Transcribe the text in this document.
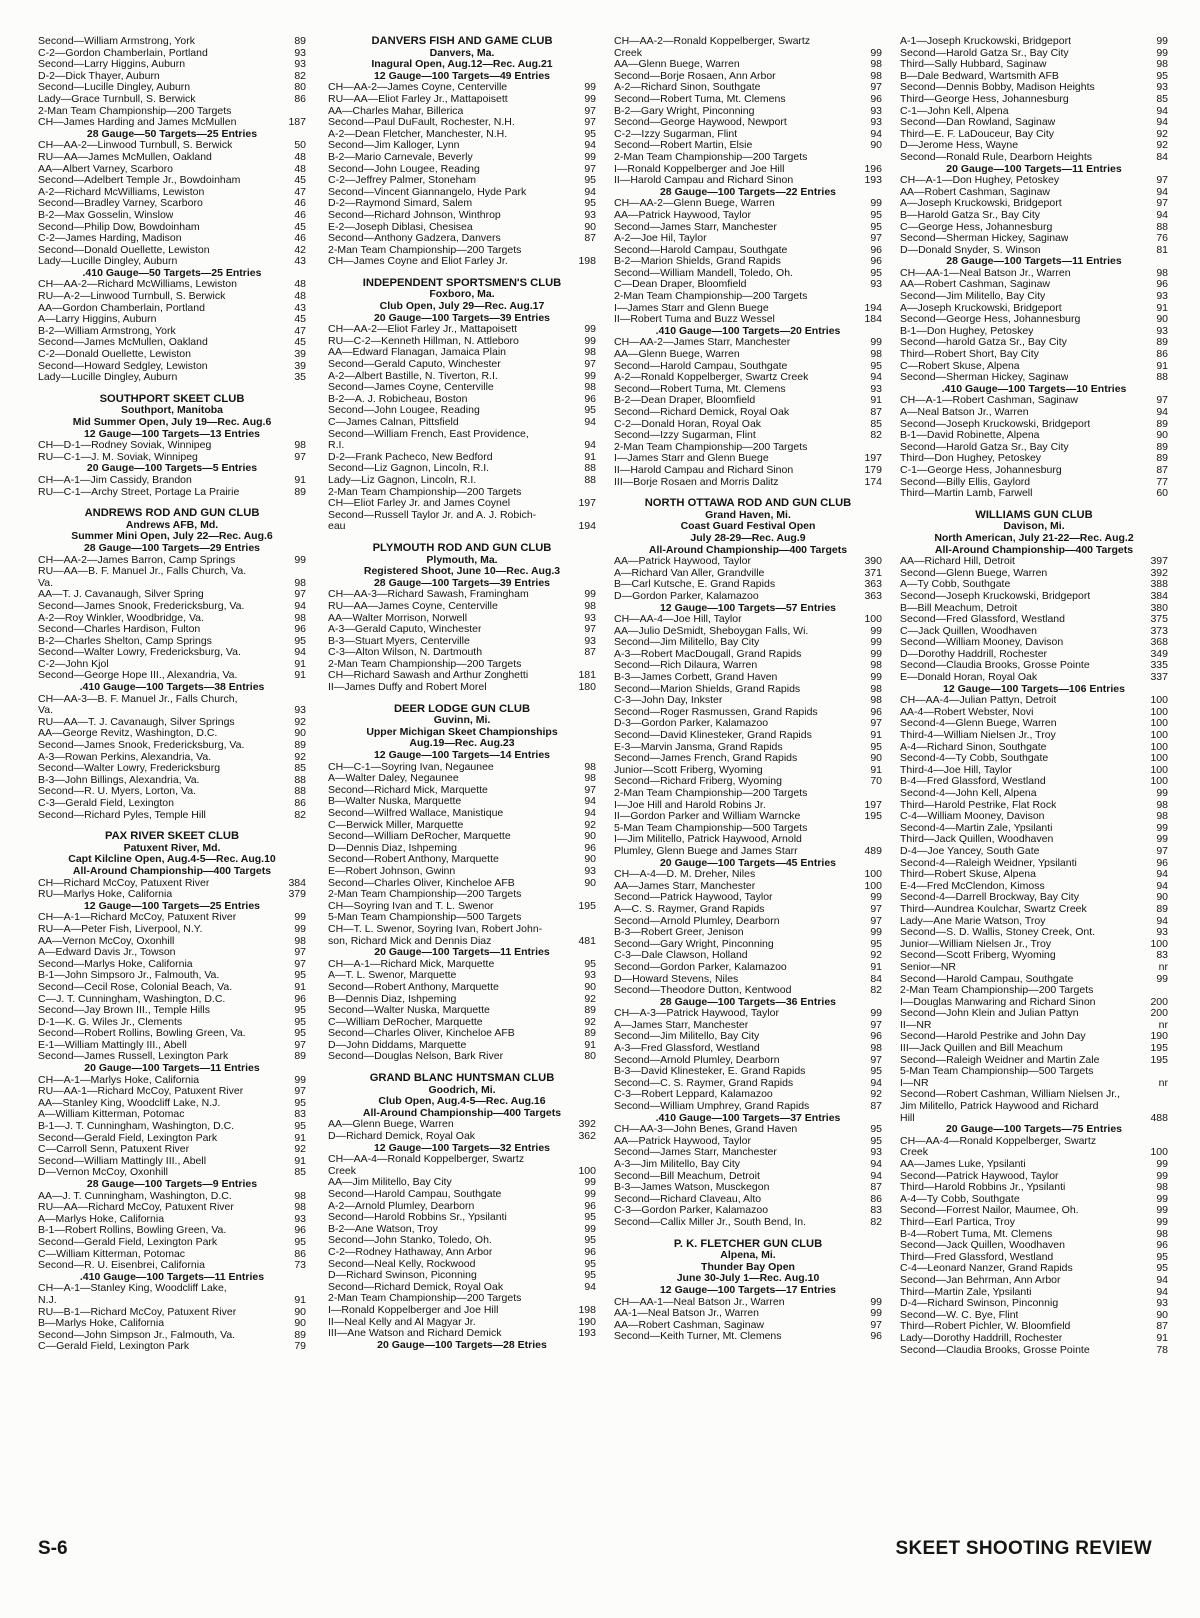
Second—William Armstrong, York	89
C-2—Gordon Chamberlain, Portland	93
Second—Larry Higgins, Auburn	93
D-2—Dick Thayer, Auburn	82
Second—Lucille Dingley, Auburn	80
Lady—Grace Turnbull, S. Berwick	86
2-Man Team Championship—200 Targets
CH—James Harding and James McMullen	187
28 Gauge—50 Targets—25 Entries
CH—AA-2—Linwood Turnbull, S. Berwick	50
RU—AA—James McMullen, Oakland	48
AA—Albert Varney, Scarboro	48
Second—Adelbert Temple Jr., Bowdoinham	45
A-2—Richard McWilliams, Lewiston	47
Second—Bradley Varney, Scarboro	46
B-2—Max Gosselin, Winslow	46
Second—Philip Dow, Bowdoinham	45
C-2—James Harding, Madison	46
Second—Donald Ouellette, Lewiston	42
Lady—Lucille Dingley, Auburn	43
.410 Gauge—50 Targets—25 Entries
CH—AA-2—Richard McWilliams, Lewiston	48
RU—A-2—Linwood Turnbull, S. Berwick	48
AA—Gordon Chamberlain, Portland	43
A—Larry Higgins, Auburn	45
B-2—William Armstrong, York	47
Second—James McMullen, Oakland	45
C-2—Donald Ouellette, Lewiston	39
Second—Howard Sedgley, Lewiston	39
Lady—Lucille Dingley, Auburn	35
SOUTHPORT SKEET CLUB
Southport, Manitoba
Mid Summer Open, July 19—Rec. Aug.6
12 Gauge—100 Targets—13 Entries
CH—D-1—Rodney Soviak, Winnipeg	98
RU—C-1—J. M. Soviak, Winnipeg	97
20 Gauge—100 Targets—5 Entries
CH—A-1—Jim Cassidy, Brandon	91
RU—C-1—Archy Street, Portage La Prairie	89
ANDREWS ROD AND GUN CLUB
Andrews AFB, Md.
Summer Mini Open, July 22—Rec. Aug.6
28 Gauge—100 Targets—29 Entries
CH—AA-2—James Barron, Camp Springs	99
RU—AA—B. F. Manuel Jr., Falls Church, Va.
Va.	98
AA—T. J. Cavanaugh, Silver Spring	97
Second—James Snook, Fredericksburg, Va.	94
A-2—Roy Winkler, Woodbridge, Va.	98
Second—Charles Hardison, Fulton	96
B-2—Charles Shelton, Camp Springs	95
Second—Walter Lowry, Fredericksburg, Va.	94
C-2—John Kjol	91
Second—George Hope III., Alexandria, Va.	91
.410 Gauge—100 Targets—38 Entries
CH—AA-3—B. F. Manuel Jr., Falls Church,
Va.	93
RU—AA—T. J. Cavanaugh, Silver Springs	92
AA—George Revitz, Washington, D.C.	90
Second—James Snook, Fredericksburg, Va.	89
A-3—Rowan Perkins, Alexandria, Va.	92
Second—Walter Lowry, Fredericksburg	85
B-3—John Billings, Alexandria, Va.	88
Second—R. U. Myers, Lorton, Va.	88
C-3—Gerald Field, Lexington	86
Second—Richard Pyles, Temple Hill	82
PAX RIVER SKEET CLUB
Patuxent River, Md.
Capt Kilcline Open, Aug.4-5—Rec. Aug.10
All-Around Championship—400 Targets
CH—Richard McCoy, Patuxent River	384
RU—Marlys Hoke, California	379
12 Gauge—100 Targets—25 Entries
CH—A-1—Richard McCoy, Patuxent River	99
RU—A—Peter Fish, Liverpool, N.Y.	99
AA—Vernon McCoy, Oxonhill	98
A—Edward Davis Jr., Towson	97
Second—Marlys Hoke, California	97
B-1—John Simpsoro Jr., Falmouth, Va.	95
Second—Cecil Rose, Colonial Beach, Va.	91
C—J. T. Cunningham, Washington, D.C.	96
Second—Jay Brown III., Temple Hills	95
D-1—K. G. Wiles Jr., Clements	95
Second—Robert Rollins, Bowling Green, Va.	95
E-1—William Mattingly III., Abell	97
Second—James Russell, Lexington Park	89
20 Gauge—100 Targets—11 Entries
CH—A-1—Marlys Hoke, California	99
RU—AA-1—Richard McCoy, Patuxent River	97
AA—Stanley King, Woodcliff Lake, N.J.	95
A—William Kitterman, Potomac	83
B-1—J. T. Cunningham, Washington, D.C.	95
Second—Gerald Field, Lexington Park	91
C—Carroll Senn, Patuxent River	92
Second—William Mattingly III., Abell	91
D—Vernon McCoy, Oxonhill	85
28 Gauge—100 Targets—9 Entries
AA—J. T. Cunningham, Washington, D.C.	98
RU—AA—Richard McCoy, Patuxent River	98
A—Marlys Hoke, California	93
B-1—Robert Rollins, Bowling Green, Va.	96
Second—Gerald Field, Lexington Park	95
C—William Kitterman, Potomac	86
Second—R. U. Eisenbrei, California	73
.410 Gauge—100 Targets—11 Entries
CH—A-1—Stanley King, Woodcliff Lake,
N.J.	91
RU—B-1—Richard McCoy, Patuxent River	90
B—Marlys Hoke, California	90
Second—John Simpson Jr., Falmouth, Va.	89
C—Gerald Field, Lexington Park	79
DANVERS FISH AND GAME CLUB
Danvers, Ma.
Inagural Open, Aug.12—Rec. Aug.21
12 Gauge—100 Targets—49 Entries
CH—AA-2—James Coyne, Centerville	99
RU—AA—Eliot Farley Jr., Mattapoisett	99
AA—Charles Mahar, Billerica	97
Second—Paul DuFault, Rochester, N.H.	97
A-2—Dean Fletcher, Manchester, N.H.	95
Second—Jim Kalloger, Lynn	94
B-2—Mario Carnevale, Beverly	99
Second—John Lougee, Reading	97
C-2—Jeffrey Palmer, Stoneham	95
Second—Vincent Giannangelo, Hyde Park	94
D-2—Raymond Simard, Salem	95
Second—Richard Johnson, Winthrop	93
E-2—Joseph Diblasi, Chesisea	90
Second—Anthony Gadzera, Danvers	87
2-Man Team Championship—200 Targets
CH—James Coyne and Eliot Farley Jr.	198
INDEPENDENT SPORTSMEN'S CLUB
Foxboro, Ma.
Club Open, July 29—Rec. Aug.17
20 Gauge—100 Targets—39 Entries
CH—AA-2—Eliot Farley Jr., Mattapoisett	99
RU—C-2—Kenneth Hillman, N. Attleboro	99
AA—Edward Flanagan, Jamaica Plain	98
Second—Gerald Caputo, Winchester	97
A-2—Albert Bastille, N. Tiverton, R.I.	99
Second—James Coyne, Centerville	98
B-2—A. J. Robicheau, Boston	96
Second—John Lougee, Reading	95
C—James Calnan, Pittsfield	94
Second—William French, East Providence,
R.I.	94
D-2—Frank Pacheco, New Bedford	91
Second—Liz Gagnon, Lincoln, R.I.	88
Lady—Liz Gagnon, Lincoln, R.I.	88
2-Man Team Championship—200 Targets
CH—Eliot Farley Jr. and James Coynel	197
Second—Russell Taylor Jr. and A. J. Robich-
eau	194
PLYMOUTH ROD AND GUN CLUB
Plymouth, Ma.
Registered Shoot, June 10—Rec. Aug.3
28 Gauge—100 Targets—39 Entries
CH—AA-3—Richard Sawash, Framingham	99
RU—AA—James Coyne, Centerville	98
AA—Walter Morrison, Norwell	93
A-3—Gerald Caputo, Winchester	97
B-3—Stuart Myers, Centerville	93
C-3—Alton Wilson, N. Dartmouth	87
2-Man Team Championship—200 Targets
CH—Richard Sawash and Arthur Zonghetti	181
II—James Duffy and Robert Morel	180
DEER LODGE GUN CLUB
Guvinn, Mi.
Upper Michigan Skeet Championships
Aug.19—Rec. Aug.23
12 Gauge—100 Targets—14 Entries
CH—C-1—Soyring Ivan, Negaunee	98
A—Walter Daley, Negaunee	98
Second—Richard Mick, Marquette	97
B—Walter Nuska, Marquette	94
Second—Wilfred Wallace, Manistique	94
C—Berwick Miller, Marquette	92
Second—William DeRocher, Marquette	90
D—Dennis Diaz, Ishpeming	96
Second—Robert Anthony, Marquette	90
E—Robert Johnson, Gwinn	93
Second—Charles Oliver, Kincheloe AFB	90
2-Man Team Championship—200 Targets
CH—Soyring Ivan and T. L. Swenor	195
5-Man Team Championship—500 Targets
CH—T. L. Swenor, Soyring Ivan, Robert John-
son, Richard Mick and Dennis Diaz	481
20 Gauge—100 Targets—11 Entries
CH—A-1—Richard Mick, Marquette	95
A—T. L. Swenor, Marquette	93
Second—Robert Anthony, Marquette	90
B—Dennis Diaz, Ishpeming	92
Second—Walter Nuska, Marquette	89
C—William DeRocher, Marquette	92
Second—Charles Oliver, Kincheloe AFB	89
D—John Diddams, Marquette	91
Second—Douglas Nelson, Bark River	80
GRAND BLANC HUNTSMAN CLUB
Goodrich, Mi.
Club Open, Aug.4-5—Rec. Aug.16
All-Around Championship—400 Targets
AA—Glenn Buege, Warren	392
D—Richard Demick, Royal Oak	362
12 Gauge—100 Targets—32 Entries
CH—AA-4—Ronald Koppelberger, Swartz
Creek	100
AA—Jim Militello, Bay City	99
Second—Harold Campau, Southgate	99
A-2—Arnold Plumley, Dearborn	96
Second—Harold Robbins Sr., Ypsilanti	95
B-2—Ane Watson, Troy	99
Second—John Stanko, Toledo, Oh.	95
C-2—Rodney Hathaway, Ann Arbor	96
Second—Neal Kelly, Rockwood	95
D—Richard Swinson, Piconning	95
Second—Richard Demick, Royal Oak	94
2-Man Team Championship—200 Targets
I—Ronald Koppelberger and Joe Hill	198
II—Neal Kelly and Al Magyar Jr.	190
III—Ane Watson and Richard Demick	193
20 Gauge—100 Targets—28 Etries
CH—AA-2—Ronald Koppelberger, Swartz
Creek	99
AA—Glenn Buege, Warren	98
Second—Borje Rosaen, Ann Arbor	98
A-2—Richard Sinon, Southgate	97
Second—Robert Tuma, Mt. Clemens	96
B-2—Gary Wright, Pinconning	93
Second—George Haywood, Newport	93
C-2—Izzy Sugarman, Flint	94
Second—Robert Martin, Elsie	90
2-Man Team Championship—200 Targets
I—Ronald Koppelberger and Joe Hill	196
II—Harold Campau and Richard Sinon	193
28 Gauge—100 Targets—22 Entries
CH—AA-2—Glenn Buege, Warren	99
AA—Patrick Haywood, Taylor	95
Second—James Starr, Manchester	95
A-2—Joe Hil, Taylor	97
Second—Harold Campau, Southgate	96
B-2—Marion Shields, Grand Rapids	96
Second—William Mandell, Toledo, Oh.	95
C—Dean Draper, Bloomfield	93
2-Man Team Championship—200 Targets
I—James Starr and Glenn Buege	194
II—Robert Tuma and Buzz Wessel	184
.410 Gauge—100 Targets—20 Entries
CH—AA-2—James Starr, Manchester	99
AA—Glenn Buege, Warren	98
Second—Harold Campau, Southgate	95
A-2—Ronald Koppelberger, Swartz Creek	94
Second—Robert Tuma, Mt. Clemens	93
B-2—Dean Draper, Bloomfield	91
Second—Richard Demick, Royal Oak	87
C-2—Donald Horan, Royal Oak	85
Second—Izzy Sugarman, Flint	82
2-Man Team Championship—200 Targets
I—James Starr and Glenn Buege	197
II—Harold Campau and Richard Sinon	179
III—Borje Rosaen and Morris Dalitz	174
NORTH OTTAWA ROD AND GUN CLUB
Grand Haven, Mi.
Coast Guard Festival Open
July 28-29—Rec. Aug.9
All-Around Championship—400 Targets
AA—Patrick Haywood, Taylor	390
A—Richard Van Aller, Grandville	371
B—Carl Kutsche, E. Grand Rapids	363
D—Gordon Parker, Kalamazoo	363
12 Gauge—100 Targets—57 Entries
CH—AA-4—Joe Hill, Taylor	100
AA—Julio DeSmidt, Sheboygan Falls, Wi.	99
Second—Jim Militello, Bay City	99
A-3—Robert MacDougall, Grand Rapids	99
Second—Rich Dilaura, Warren	98
B-3—James Corbett, Grand Haven	99
Second—Marion Shields, Grand Rapids	98
C-3—John Day, Inkster	98
Second—Roger Rasmussen, Grand Rapids	96
D-3—Gordon Parker, Kalamazoo	97
Second—David Klinesteker, Grand Rapids	91
E-3—Marvin Jansma, Grand Rapids	95
Second—James French, Grand Rapids	90
Junior—Scott Friberg, Wyoming	91
Second—Richard Friberg, Wyoming	70
2-Man Team Championship—200 Targets
I—Joe Hill and Harold Robins Jr.	197
II—Gordon Parker and William Warncke	195
5-Man Team Championship—500 Targets
I—Jim Militello, Patrick Haywood, Arnold
Plumley, Glenn Buege and James Starr	489
20 Gauge—100 Targets—45 Entries
CH—A-4—D. M. Dreher, Niles	100
AA—James Starr, Manchester	100
Second—Patrick Haywood, Taylor	99
A—C. S. Raymer, Grand Rapids	97
Second—Arnold Plumley, Dearborn	97
B-3—Robert Greer, Jenison	99
Second—Gary Wright, Pinconning	95
C-3—Dale Clawson, Holland	92
Second—Gordon Parker, Kalamazoo	91
D—Howard Stevens, Niles	84
Second—Theodore Dutton, Kentwood	82
28 Gauge—100 Targets—36 Entries
CH—A-3—Patrick Haywood, Taylor	99
A—James Starr, Manchester	97
Second—Jim Militello, Bay City	96
A-3—Fred Glassford, Westland	98
Second—Arnold Plumley, Dearborn	97
B-3—David Klinesteker, E. Grand Rapids	95
Second—C. S. Raymer, Grand Rapids	94
C-3—Robert Leppard, Kalamazoo	92
Second—William Umphrey, Grand Rapids	87
.410 Gauge—100 Targets—37 Entries
CH—AA-3—John Benes, Grand Haven	95
AA—Patrick Haywood, Taylor	95
Second—James Starr, Manchester	93
A-3—Jim Militello, Bay City	94
Second—Bill Meachum, Detroit	94
B-3—James Watson, Musckegon	87
Second—Richard Claveau, Alto	86
C-3—Gordon Parker, Kalamazoo	83
Second—Callix Miller Jr., South Bend, In.	82
P. K. FLETCHER GUN CLUB
Alpena, Mi.
Thunder Bay Open
June 30-July 1—Rec. Aug.10
12 Gauge—100 Targets—17 Entries
CH—AA-1—Neal Batson Jr., Warren	99
AA-1—Neal Batson Jr., Warren	99
AA—Robert Cashman, Saginaw	97
Second—Keith Turner, Mt. Clemens	96
A-1—Joseph Kruckowski, Bridgeport	99
Second—Harold Gatza Sr., Bay City	99
Third—Sally Hubbard, Saginaw	98
B—Dale Bedward, Wartsmith AFB	95
Second—Dennis Bobby, Madison Heights	93
Third—George Hess, Johannesburg	85
C-1—John Kell, Alpena	94
Second—Dan Rowland, Saginaw	94
Third—E. F. LaDouceur, Bay City	92
D—Jerome Hess, Wayne	92
Second—Ronald Rule, Dearborn Heights	84
20 Gauge—100 Targets—11 Entries
CH—A-1—Don Hughey, Petoskey	97
AA—Robert Cashman, Saginaw	94
A—Joseph Kruckowski, Bridgeport	97
B—Harold Gatza Sr., Bay City	94
C—George Hess, Johannesburg	88
Second—Sherman Hickey, Saginaw	76
D—Donald Snyder, S. Winson	81
28 Gauge—100 Targets—11 Entries
CH—AA-1—Neal Batson Jr., Warren	98
AA—Robert Cashman, Saginaw	96
Second—Jim Militello, Bay City	93
A—Joseph Kruckowski, Bridgeport	91
Second—George Hess, Johannesburg	90
B-1—Don Hughey, Petoskey	93
Second—harold Gatza Sr., Bay City	89
Third—Robert Short, Bay City	86
C—Robert Skuse, Alpena	91
Second—Sherman Hickey, Saginaw	88
.410 Gauge—100 Targets—10 Entries
CH—A-1—Robert Cashman, Saginaw	97
A—Neal Batson Jr., Warren	94
Second—Joseph Kruckowski, Bridgeport	89
B-1—David Robinette, Alpena	90
Second—Harold Gatza Sr., Bay City	89
Third—Don Hughey, Petoskey	89
C-1—George Hess, Johannesburg	87
Second—Billy Ellis, Gaylord	77
Third—Martin Lamb, Farwell	60
WILLIAMS GUN CLUB
Davison, Mi.
North American, July 21-22—Rec. Aug.2
All-Around Championship—400 Targets
AA—Richard Hill, Detroit	397
Second—Glenn Buege, Warren	392
A—Ty Cobb, Southgate	388
Second—Joseph Kruckowski, Bridgeport	384
B—Bill Meachum, Detroit	380
Second—Fred Glassford, Westland	375
C—Jack Quillen, Woodhaven	373
Second—William Mooney, Davison	368
D—Dorothy Haddrill, Rochester	349
Second—Claudia Brooks, Grosse Pointe	335
E—Donald Horan, Royal Oak	337
12 Gauge—100 Targets—106 Entries
CH—AA-4—Julian Pattyn, Detroit	100
AA-4—Robert Webster, Novi	100
Second-4—Glenn Buege, Warren	100
Third-4—William Nielsen Jr., Troy	100
A-4—Richard Sinon, Southgate	100
Second-4—Ty Cobb, Southgate	100
Third-4—Joe Hill, Taylor	100
B-4—Fred Glassford, Westland	100
Second-4—John Kell, Alpena	99
Third—Harold Pestrike, Flat Rock	98
C-4—William Mooney, Davison	98
Second-4—Martin Zale, Ypsilanti	99
Third—Jack Quillen, Woodhaven	99
D-4—Joe Yancey, South Gate	97
Second-4—Raleigh Weidner, Ypsilanti	96
Third—Robert Skuse, Alpena	94
E-4—Fred McClendon, Kimoss	94
Second-4—Darrell Brockway, Bay City	90
Third—Aundrea Koulchar, Swartz Creek	89
Lady—Ane Marie Watson, Troy	94
Second—S. D. Wallis, Stoney Creek, Ont.	93
Junior—William Nielsen Jr., Troy	100
Second—Scott Friberg, Wyoming	83
Senior—NR	nr
Second—Harold Campau, Southgate	99
2-Man Team Championship—200 Targets
I—Douglas Manwaring and Richard Sinon	200
Second—John Klein and Julian Pattyn	200
II—NR	nr
Second—Harold Pestrike and John Day	190
III—Jack Quillen and Bill Meachum	195
Second—Raleigh Weidner and Martin Zale	195
5-Man Team Championship—500 Targets
I—NR	nr
Second—Robert Cashman, William Nielsen Jr.,
Jim Militello, Patrick Haywood and Richard
Hill	488
20 Gauge—100 Targets—75 Entries
CH—AA-4—Ronald Koppelberger, Swartz
Creek	100
AA—James Luke, Ypsilanti	99
Second—Patrick Haywood, Taylor	99
Third—Harold Robbins Jr., Ypsilanti	98
A-4—Ty Cobb, Southgate	99
Second—Forrest Nailor, Maumee, Oh.	99
Third—Earl Partica, Troy	99
B-4—Robert Tuma, Mt. Clemens	98
Second—Jack Quillen, Woodhaven	96
Third—Fred Glassford, Westland	95
C-4—Leonard Nanzer, Grand Rapids	95
Second—Jan Behrman, Ann Arbor	94
Third—Martin Zale, Ypsilanti	94
D-4—Richard Swinson, Pinconnig	93
Second—W. C. Bye, Flint	90
Third—Robert Pichler, W. Bloomfield	87
Lady—Dorothy Haddrill, Rochester	91
Second—Claudia Brooks, Grosse Pointe	78
S-6	SKEET SHOOTING REVIEW
